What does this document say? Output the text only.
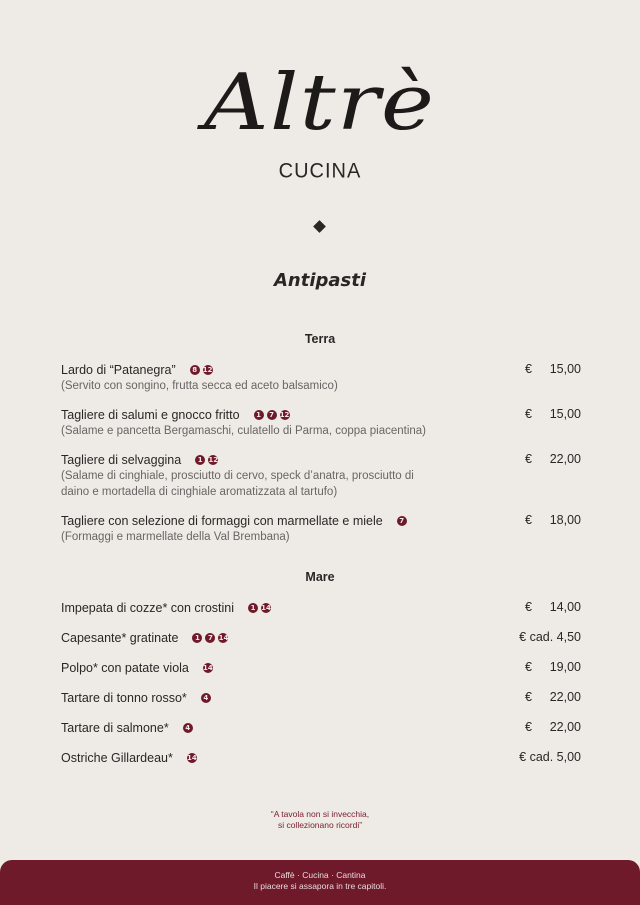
Altrè
CUCINA
Antipasti
Terra
Lardo di “Patanegra” 8 12
(Servito con songino, frutta secca ed aceto balsamico)
€ 15,00
Tagliere di salumi e gnocco fritto 1 7 12
(Salame e pancetta Bergamaschi, culatello di Parma, coppa piacentina)
€ 15,00
Tagliere di selvaggina 1 12
(Salame di cinghiale, prosciutto di cervo, speck d’anatra, prosciutto di daino e mortadella di cinghiale aromatizzata al tartufo)
€ 22,00
Tagliere con selezione di formaggi con marmellate e miele 7
(Formaggi e marmellate della Val Brembana)
€ 18,00
Mare
Impepata di cozze* con crostini 1 14	€ 14,00
Capesante* gratinate 1 7 14	€ cad. 4,50
Polpo* con patate viola 14	€ 19,00
Tartare di tonno rosso* 4	€ 22,00
Tartare di salmone* 4	€ 22,00
Ostriche Gillardeau* 14	€ cad. 5,00
“A tavola non si invecchia,
si collezionano ricordi”
Caffè · Cucina · Cantina
Il piacere si assapora in tre capitoli.
